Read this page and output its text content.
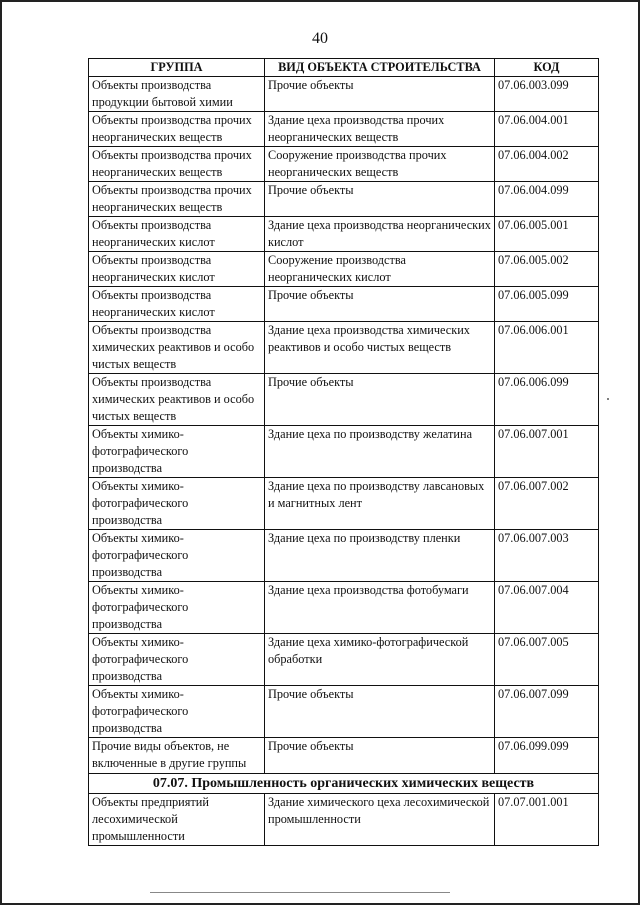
40
ГРУППА	ВИД ОБЪЕКТА СТРОИТЕЛЬСТВА	КОД
Объекты производства продукции бытовой химии	Прочие объекты	07.06.003.099
Объекты производства прочих неорганических веществ	Здание цеха производства прочих неорганических веществ	07.06.004.001
Объекты производства прочих неорганических веществ	Сооружение производства прочих неорганических веществ	07.06.004.002
Объекты производства прочих неорганических веществ	Прочие объекты	07.06.004.099
Объекты производства неорганических кислот	Здание цеха производства неорганических кислот	07.06.005.001
Объекты производства неорганических кислот	Сооружение производства неорганических кислот	07.06.005.002
Объекты производства неорганических кислот	Прочие объекты	07.06.005.099
Объекты производства химических реактивов и особо чистых веществ	Здание цеха производства химических реактивов и особо чистых веществ	07.06.006.001
Объекты производства химических реактивов и особо чистых веществ	Прочие объекты	07.06.006.099
Объекты химико-фотографического производства	Здание цеха по производству желатина	07.06.007.001
Объекты химико-фотографического производства	Здание цеха по производству лавсановых и магнитных лент	07.06.007.002
Объекты химико-фотографического производства	Здание цеха по производству пленки	07.06.007.003
Объекты химико-фотографического производства	Здание цеха производства фотобумаги	07.06.007.004
Объекты химико-фотографического производства	Здание цеха химико-фотографической обработки	07.06.007.005
Объекты химико-фотографического производства	Прочие объекты	07.06.007.099
Прочие виды объектов, не включенные в другие группы	Прочие объекты	07.06.099.099
07.07. Промышленность органических химических веществ		
Объекты предприятий лесохимической промышленности	Здание химического цеха лесохимической промышленности	07.07.001.001
